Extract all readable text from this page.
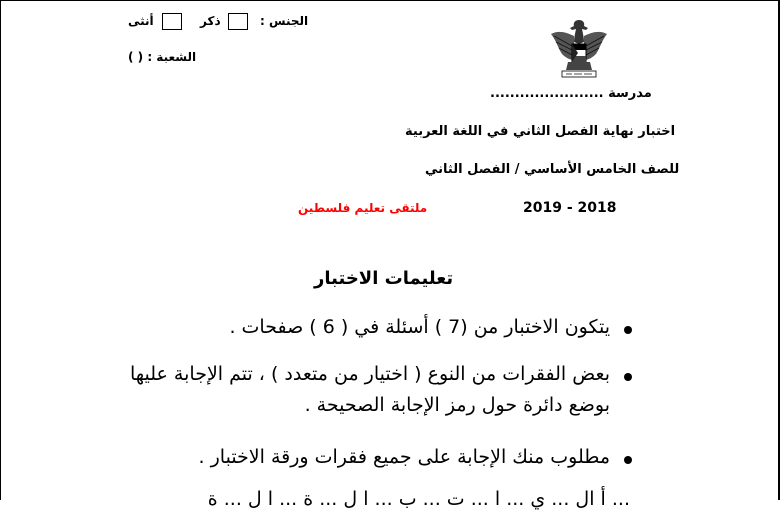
الجنس :
ذكر
أنثى
الشعبة : ( )
مدرسة .......................
اختبار نهاية الفصل الثاني في اللغة العربية
للصف الخامس الأساسي / الفصل الثاني
2019 - 2018
ملتقى تعليم فلسطين
تعليمات الاختبار
يتكون الاختبار من (7 ) أسئلة في ( 6 ) صفحات .
بعض الفقرات من النوع ( اختيار من متعدد ) ، تتم الإجابة عليها
بوضع دائرة حول رمز الإجابة الصحيحة .
مطلوب منك الإجابة على جميع فقرات ورقة الاختبار .
... أ ال ... ي ... ا ... ت ... ب ... ا ل ... ة ... ا ل ... ة
